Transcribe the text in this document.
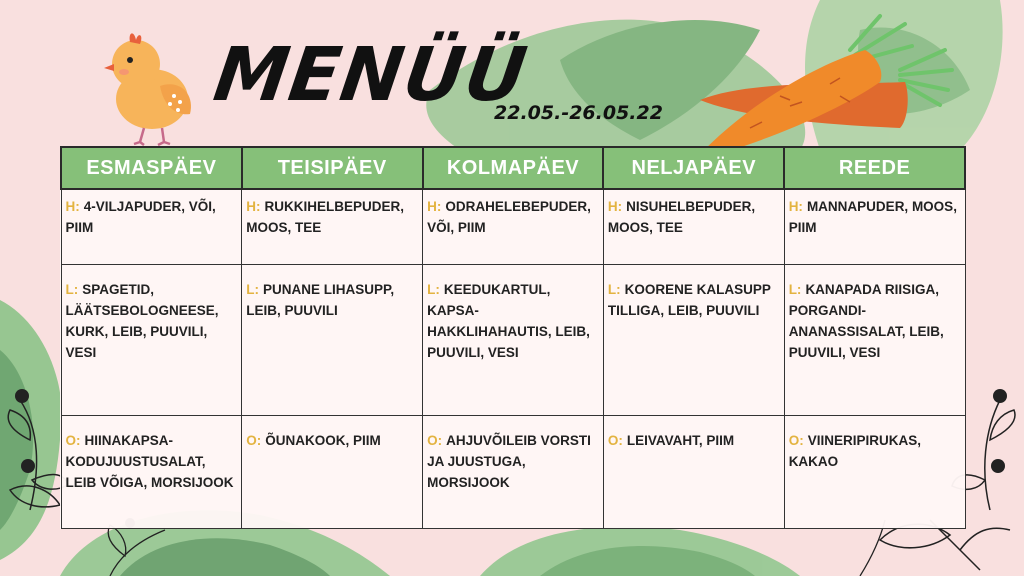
MENÜÜ
22.05.-26.05.22
ESMASPÄEV	TEISIPÄEV	KOLMAPÄEV	NELJAPÄEV	REEDE
H: 4-VILJAPUDER, VÕI, PIIM	H: RUKKIHELBEPUDER, MOOS, TEE	H: ODRAHELEBEPUDER, VÕI, PIIM	H: NISUHELBEPUDER, MOOS, TEE	H: MANNAPUDER, MOOS, PIIM
L: SPAGETID, LÄÄTSEBOLOGNEESE, KURK, LEIB, PUUVILI, VESI	L: PUNANE LIHASUPP, LEIB, PUUVILI	L: KEEDUKARTUL, KAPSA-HAKKLIHAHAUTIS, LEIB, PUUVILI, VESI	L: KOORENE KALASUPP TILLIGA, LEIB, PUUVILI	L: KANAPADA RIISIGA, PORGANDI-ANANASSISALAT, LEIB, PUUVILI, VESI
O: HIINAKAPSA-KODUJUUSTUSALAT, LEIB VÕIGA, MORSIJOOK	O: ÕUNAKOOK, PIIM	O: AHJUVÕILEIB VORSTI JA JUUSTUGA, MORSIJOOK	O: LEIVAVAHT, PIIM	O: VIINERIPIRUKAS, KAKAO
